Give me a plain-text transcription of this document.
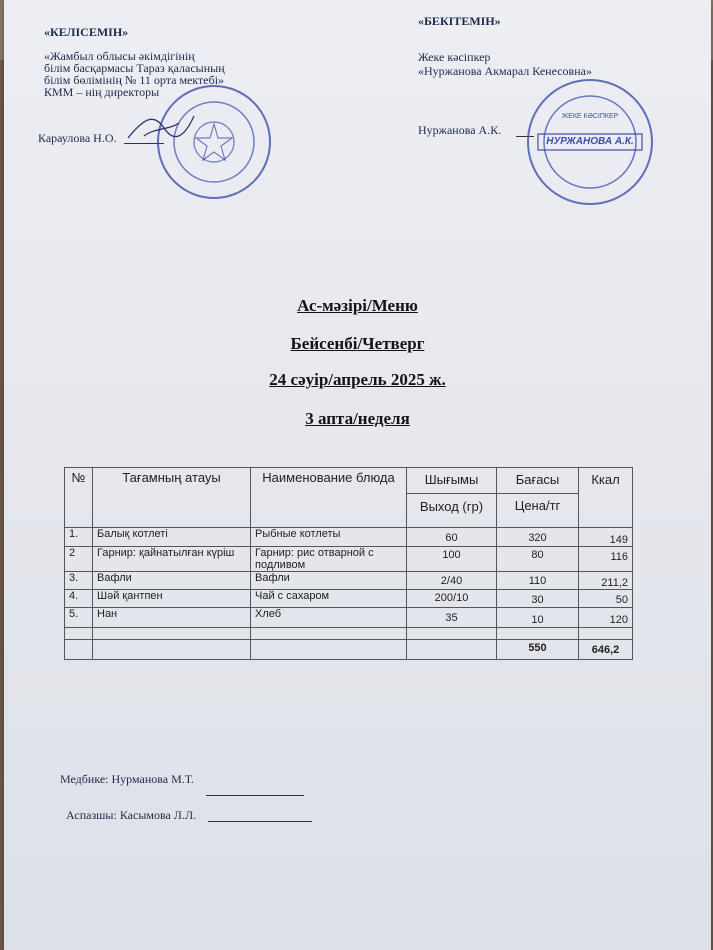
«КЕЛІСЕМІН»
«Жамбыл облысы әкімдігінің
білім басқармасы Тараз қаласының
білім бөлімінің № 11 орта мектебі»
КММ – нің директоры
Караулова Н.О.
«БЕКІТЕМІН»
Жеке кәсіпкер
«Нуржанова Акмарал Кенесовна»
Нуржанова А.К.
ЖЕКЕ КӘСІПКЕР
НУРЖАНОВА А.К.
Ас-мәзірі/Меню
Бейсенбі/Четверг
24 сәуір/апрель 2025 ж.
3 апта/неделя
№	Тағамның атауы	Наименование блюда	Шығымы	Бағасы	Ккал
			Выход (гр)	Цена/тг	
1.	Балық котлеті	Рыбные котлеты	60	320	149
2	Гарнир: қайнатылған күріш	Гарнир: рис отварной с подливом	100	80	116
3.	Вафли	Вафли	2/40	110	211,2
4.	Шәй қантпен	Чай с сахаром	200/10	30	50
5.	Нан	Хлеб	35	10	120

				550	646,2
Медбике: Нурманова М.Т.
Аспазшы: Касымова Л.Л.
